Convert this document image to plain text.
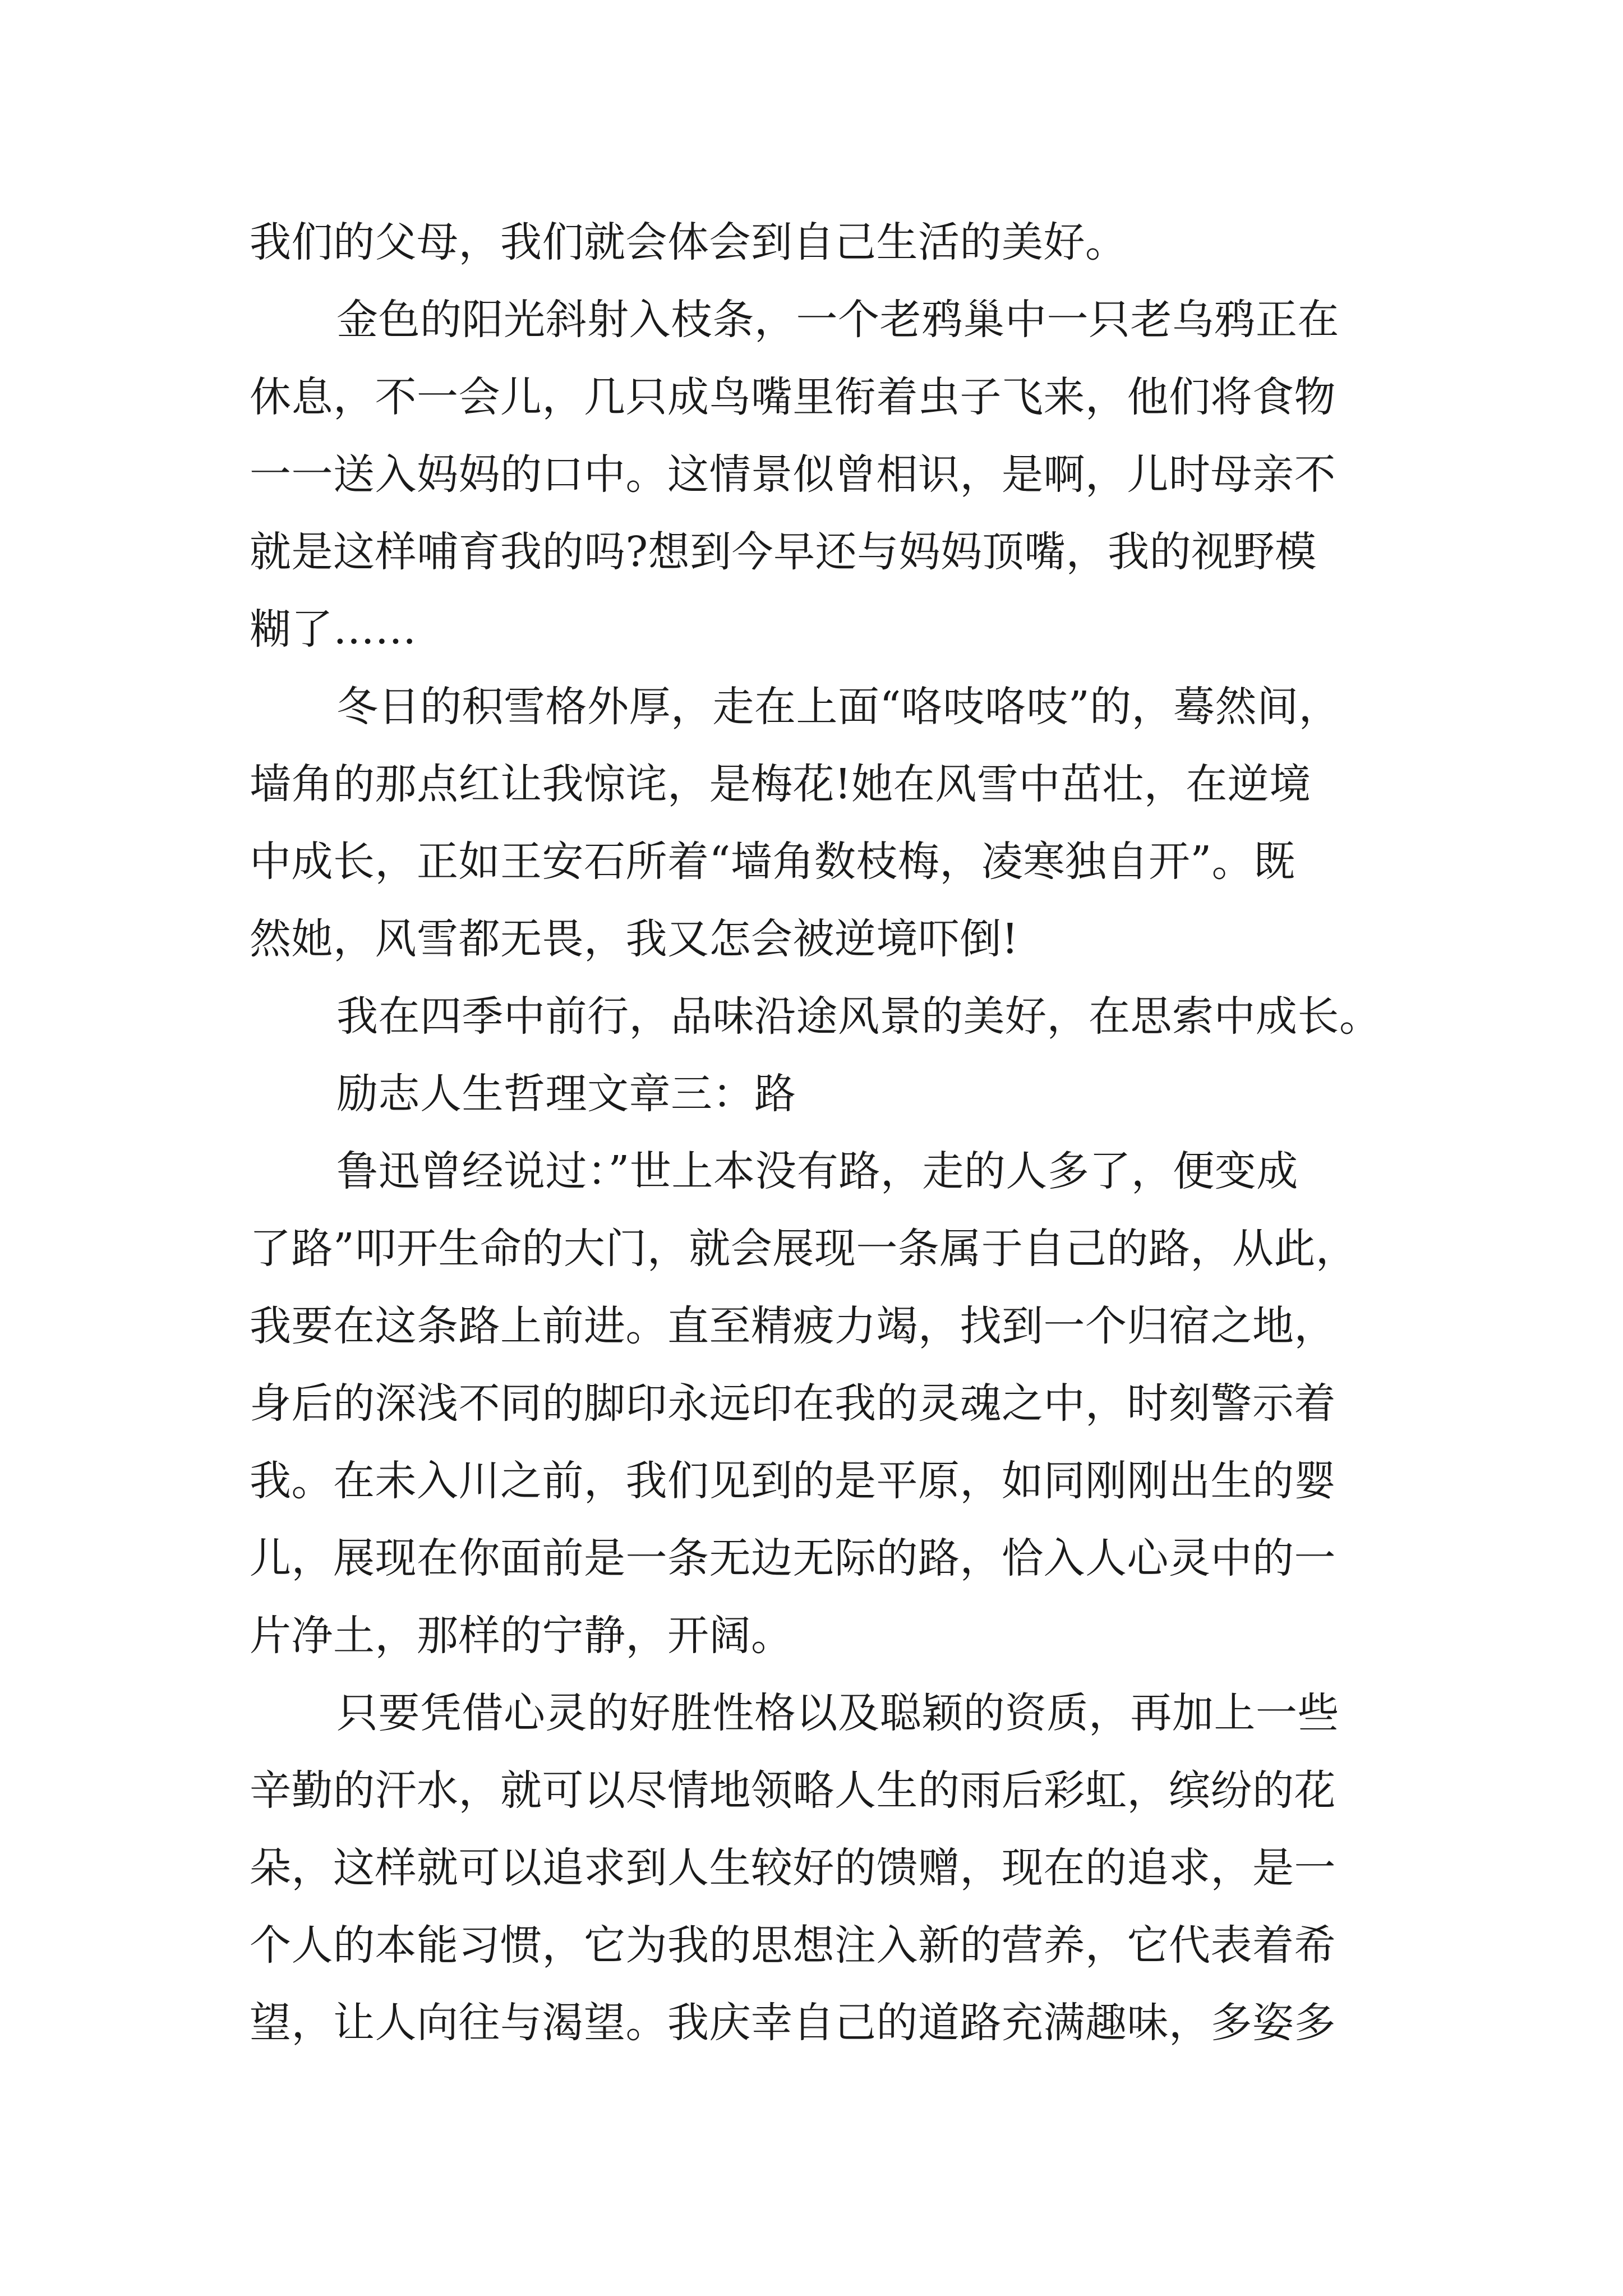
我们的父母，我们就会体会到自己生活的美好。

金色的阳光斜射入枝条，一个老鸦巢中一只老乌鸦正在

休息，不一会儿，几只成鸟嘴里衔着虫子飞来，他们将食物

一一送入妈妈的口中。这情景似曾相识，是啊，儿时母亲不

就是这样哺育我的吗?想到今早还与妈妈顶嘴，我的视野模

糊了……

冬日的积雪格外厚，走在上面“咯吱咯吱”的，蓦然间，

墙角的那点红让我惊诧，是梅花!她在风雪中茁壮，在逆境

中成长，正如王安石所着“墙角数枝梅，凌寒独自开”。既

然她，风雪都无畏，我又怎会被逆境吓倒!

我在四季中前行，品味沿途风景的美好，在思索中成长。

励志人生哲理文章三：路

鲁迅曾经说过：”世上本没有路，走的人多了，便变成

了路”叩开生命的大门，就会展现一条属于自己的路，从此，

我要在这条路上前进。直至精疲力竭，找到一个归宿之地，

身后的深浅不同的脚印永远印在我的灵魂之中，时刻警示着

我。在未入川之前，我们见到的是平原，如同刚刚出生的婴

儿，展现在你面前是一条无边无际的路，恰入人心灵中的一

片净土，那样的宁静，开阔。

只要凭借心灵的好胜性格以及聪颖的资质，再加上一些

辛勤的汗水，就可以尽情地领略人生的雨后彩虹，缤纷的花

朵，这样就可以追求到人生较好的馈赠，现在的追求，是一

个人的本能习惯，它为我的思想注入新的营养，它代表着希

望，让人向往与渴望。我庆幸自己的道路充满趣味，多姿多
